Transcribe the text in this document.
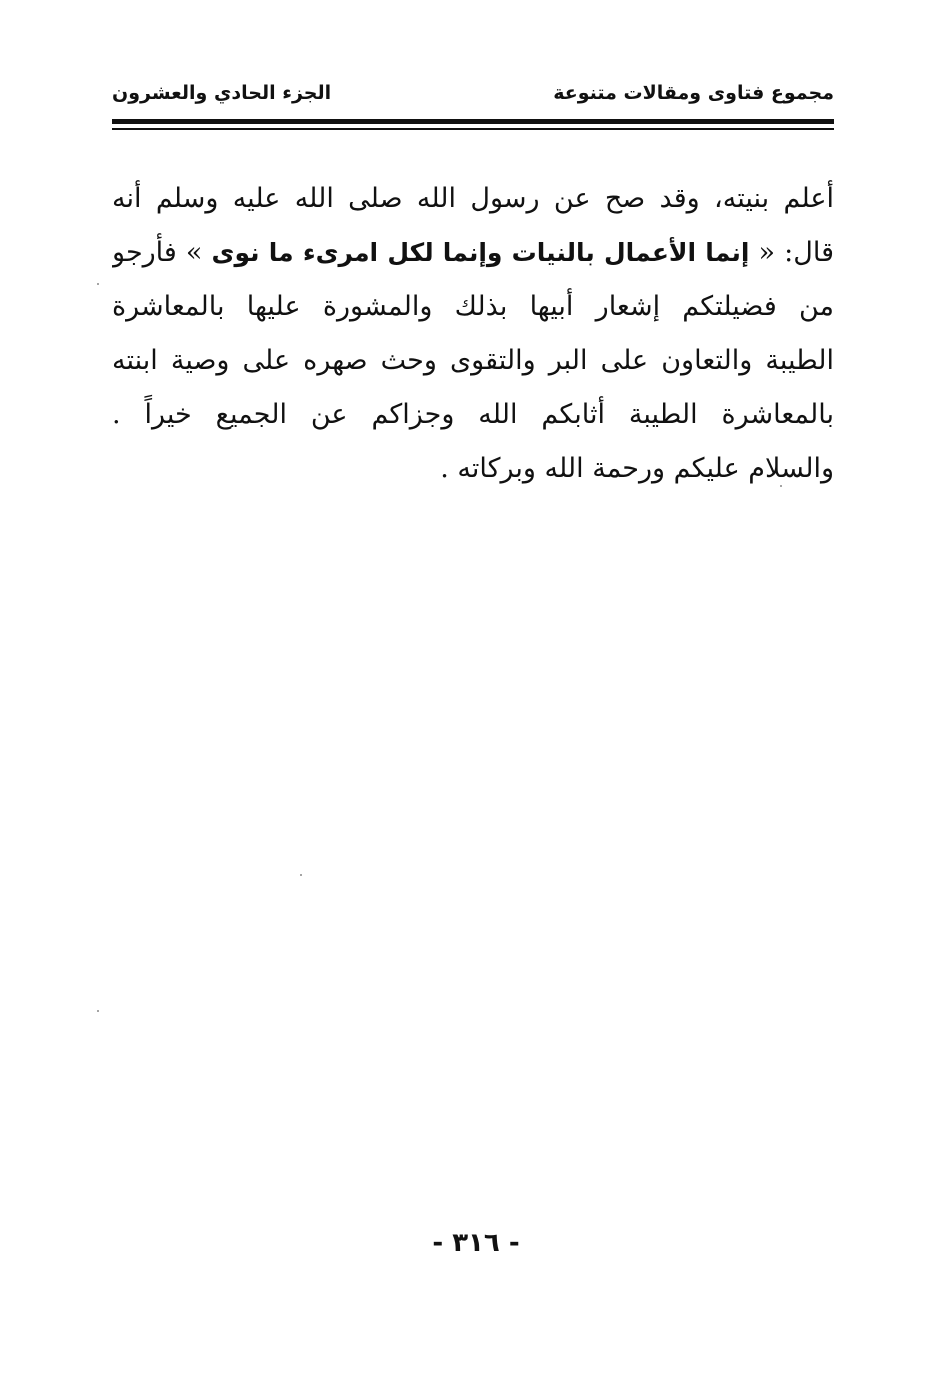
مجموع فتاوى ومقالات متنوعة
الجزء الحادي والعشرون
أعلم بنيته، وقد صح عن رسول الله صلى الله عليه وسلم أنه
قال: « إنما الأعمال بالنيات وإنما لكل امرىء ما نوى » فأرجو
من فضيلتكم إشعار أبيها بذلك والمشورة عليها بالمعاشرة
الطيبة والتعاون على البر والتقوى وحث صهره على وصية ابنته
بالمعاشرة الطيبة أثابكم الله وجزاكم عن الجميع خيراً .
والسلام عليكم ورحمة الله وبركاته .
- ٣١٦ -
